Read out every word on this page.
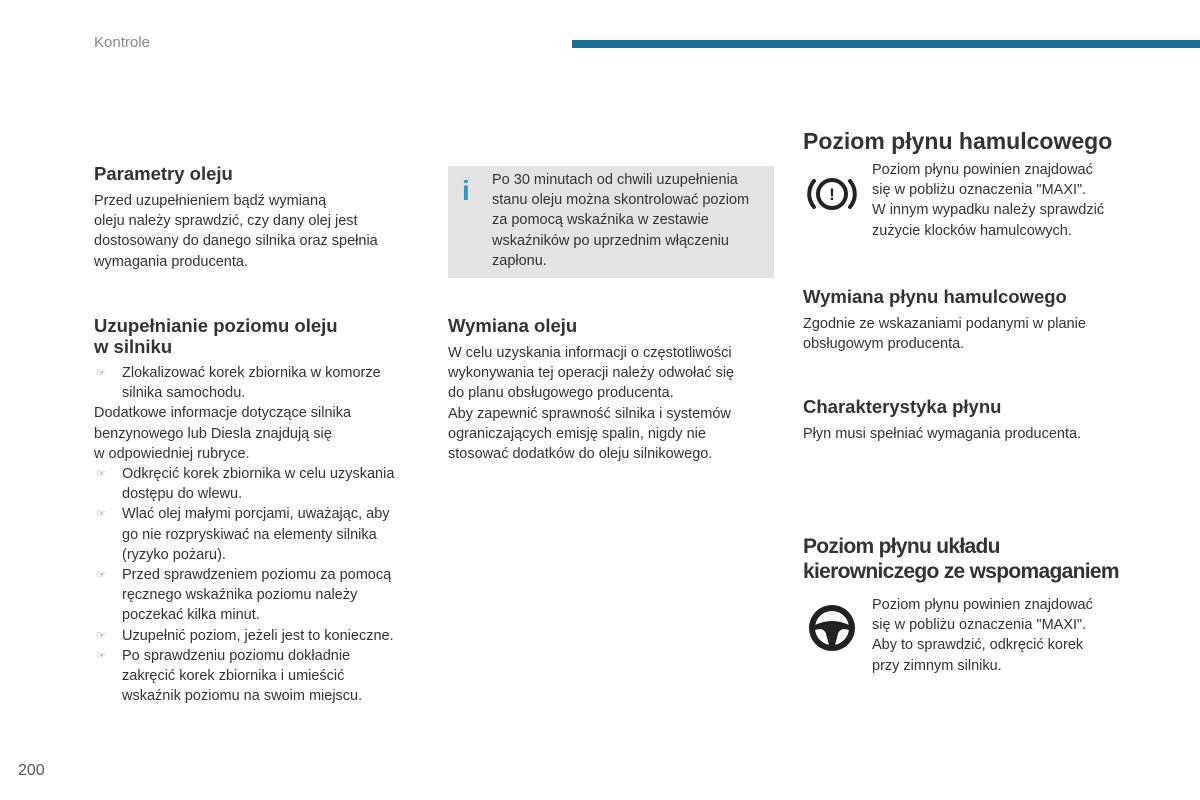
Kontrole
Parametry oleju

Przed uzupełnieniem bądź wymianą
oleju należy sprawdzić, czy dany olej jest
dostosowany do danego silnika oraz spełnia
wymagania producenta.

Uzupełnianie poziomu oleju
w silniku
☞ Zlokalizować korek zbiornika w komorze
silnika samochodu.

Dodatkowe informacje dotyczące silnika
benzynowego lub Diesla znajdują się
w odpowiedniej rubryce.

☞ Odkręcić korek zbiornika w celu uzyskania
dostępu do wlewu.
☞ Wlać olej małymi porcjami, uważając, aby
go nie rozpryskiwać na elementy silnika
(ryzyko pożaru).
☞ Przed sprawdzeniem poziomu za pomocą
ręcznego wskaźnika poziomu należy
poczekać kilka minut.
☞ Uzupełnić poziom, jeżeli jest to konieczne.
☞ Po sprawdzeniu poziomu dokładnie
zakręcić korek zbiornika i umieścić
wskaźnik poziomu na swoim miejscu.
i Po 30 minutach od chwili uzupełnienia
stanu oleju można skontrolować poziom
za pomocą wskaźnika w zestawie
wskaźników po uprzednim włączeniu
zapłonu.

Wymiana oleju

W celu uzyskania informacji o częstotliwości
wykonywania tej operacji należy odwołać się
do planu obsługowego producenta.
Aby zapewnić sprawność silnika i systemów
ograniczających emisję spalin, nigdy nie
stosować dodatków do oleju silnikowego.

Poziom płynu hamulcowego
!

Poziom płynu powinien znajdować
się w pobliżu oznaczenia "MAXI".
W innym wypadku należy sprawdzić
zużycie klocków hamulcowych.

Wymiana płynu hamulcowego

Zgodnie ze wskazaniami podanymi w planie
obsługowym producenta.

Charakterystyka płynu

Płyn musi spełniać wymagania producenta.

Poziom płynu układu
kierowniczego ze wspomaganiem

Poziom płynu powinien znajdować
się w pobliżu oznaczenia "MAXI".
Aby to sprawdzić, odkręcić korek
przy zimnym silniku.

200
